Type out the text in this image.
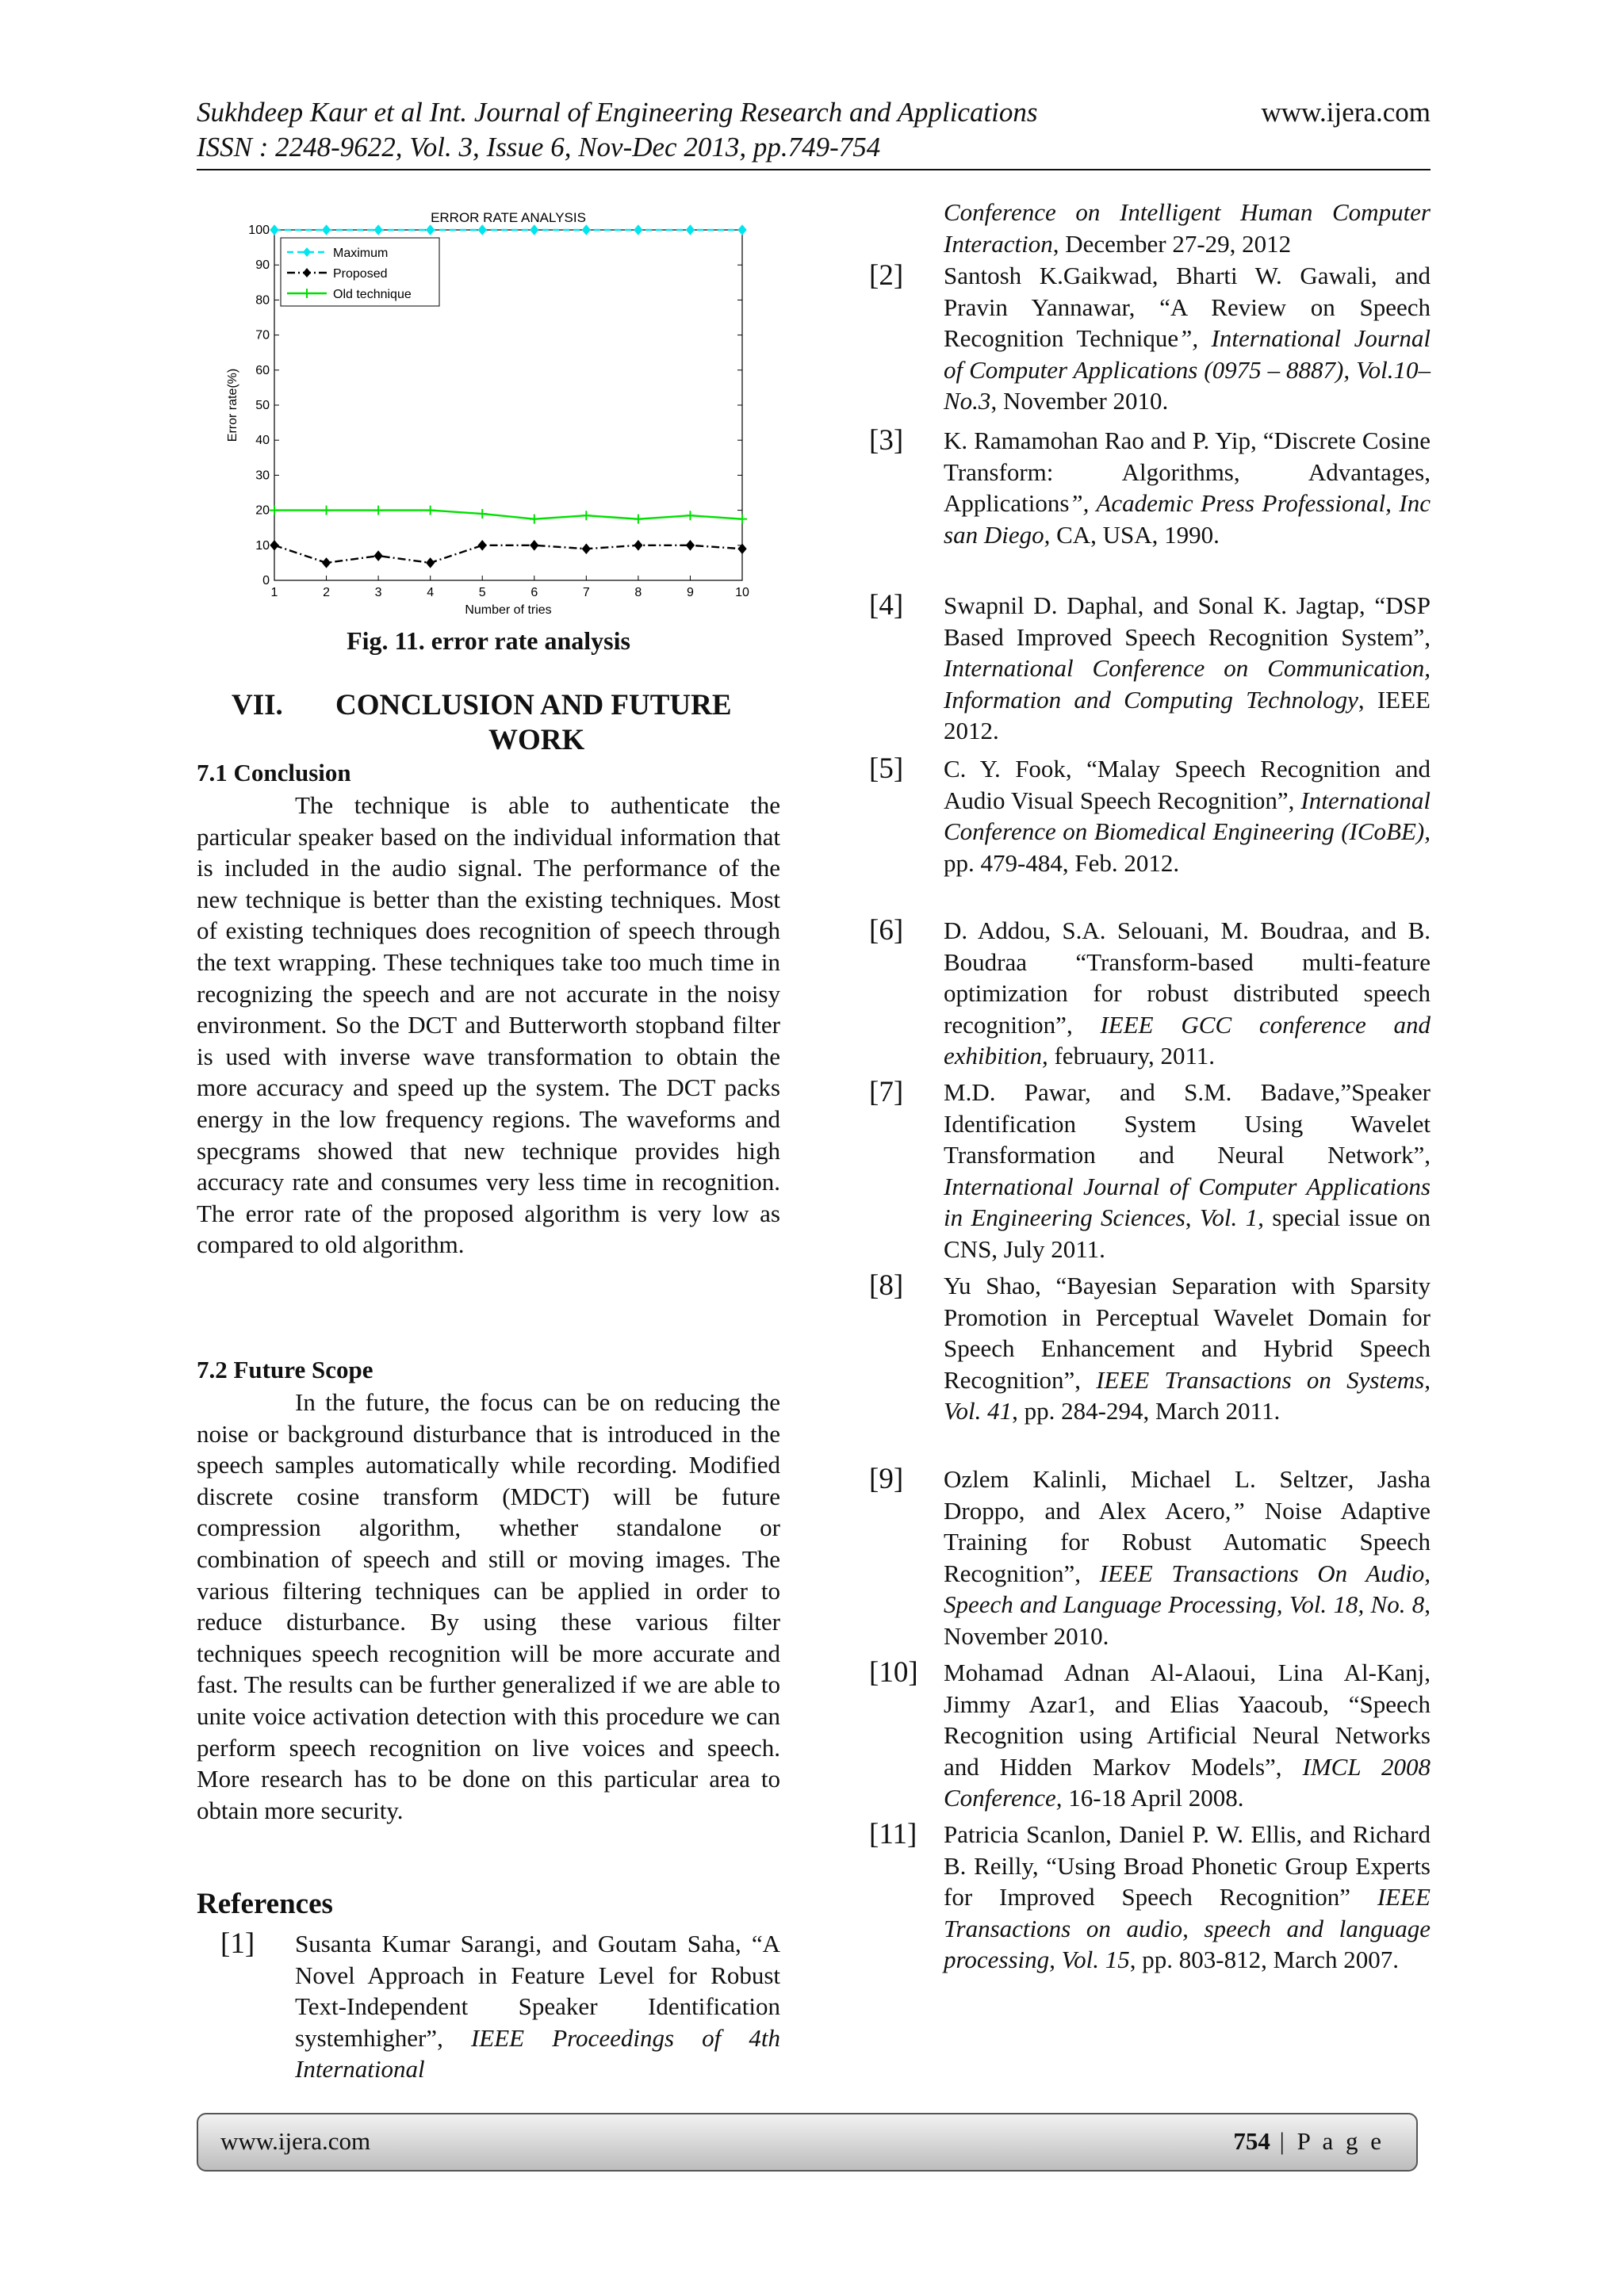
Sukhdeep Kaur et al Int. Journal of Engineering Research and Applications
ISSN : 2248-9622, Vol. 3, Issue 6, Nov-Dec 2013, pp.749-754
www.ijera.com
ERROR RATE ANALYSIS
0
10
20
30
40
50
60
70
80
90
100
1	2	3	4	5	6	7	8	9	10
Number of tries
Error rate(%)
Maximum
Proposed
Old technique
Fig. 11. error rate analysis
VII. CONCLUSION AND FUTURE
WORK
7.1 Conclusion
The technique is able to authenticate the particular speaker based on the individual information that is included in the audio signal. The performance of the new technique is better than the existing techniques. Most of existing techniques does recognition of speech through the text wrapping. These techniques take too much time in recognizing the speech and are not accurate in the noisy environment. So the DCT and Butterworth stopband filter is used with inverse wave transformation to obtain the more accuracy and speed up the system. The DCT packs energy in the low frequency regions. The waveforms and specgrams showed that new technique provides high accuracy rate and consumes very less time in recognition. The error rate of the proposed algorithm is very low as compared to old algorithm.
7.2 Future Scope
In the future, the focus can be on reducing the noise or background disturbance that is introduced in the speech samples automatically while recording. Modified discrete cosine transform (MDCT) will be future compression algorithm, whether standalone or combination of speech and still or moving images. The various filtering techniques can be applied in order to reduce disturbance. By using these various filter techniques speech recognition will be more accurate and fast. The results can be further generalized if we are able to unite voice activation detection with this procedure we can perform speech recognition on live voices and speech. More research has to be done on this particular area to obtain more security.
References
[1] Susanta Kumar Sarangi, and Goutam Saha, “A Novel Approach in Feature Level for Robust Text-Independent Speaker Identification systemhigher”, IEEE Proceedings of 4th International
Conference on Intelligent Human Computer Interaction, December 27-29, 2012
[2] Santosh K.Gaikwad, Bharti W. Gawali, and Pravin Yannawar, “A Review on Speech Recognition Technique”, International Journal of Computer Applications (0975 – 8887), Vol.10– No.3, November 2010.
[3] K. Ramamohan Rao and P. Yip, “Discrete Cosine Transform: Algorithms, Advantages, Applications”, Academic Press Professional, Inc san Diego, CA, USA, 1990.
[4] Swapnil D. Daphal, and Sonal K. Jagtap, “DSP Based Improved Speech Recognition System”, International Conference on Communication, Information and Computing Technology, IEEE 2012.
[5] C. Y. Fook, “Malay Speech Recognition and Audio Visual Speech Recognition”, International Conference on Biomedical Engineering (ICoBE), pp. 479-484, Feb. 2012.
[6] D. Addou, S.A. Selouani, M. Boudraa, and B. Boudraa “Transform-based multi-feature optimization for robust distributed speech recognition”, IEEE GCC conference and exhibition, februaury, 2011.
[7] M.D. Pawar, and S.M. Badave,”Speaker Identification System Using Wavelet Transformation and Neural Network”, International Journal of Computer Applications in Engineering Sciences, Vol. 1, special issue on CNS, July 2011.
[8] Yu Shao, “Bayesian Separation with Sparsity Promotion in Perceptual Wavelet Domain for Speech Enhancement and Hybrid Speech Recognition”, IEEE Transactions on Systems, Vol. 41, pp. 284-294, March 2011.
[9] Ozlem Kalinli, Michael L. Seltzer, Jasha Droppo, and Alex Acero,” Noise Adaptive Training for Robust Automatic Speech Recognition”, IEEE Transactions On Audio, Speech and Language Processing, Vol. 18, No. 8, November 2010.
[10] Mohamad Adnan Al-Alaoui, Lina Al-Kanj, Jimmy Azar1, and Elias Yaacoub, “Speech Recognition using Artificial Neural Networks and Hidden Markov Models”, IMCL 2008 Conference, 16-18 April 2008.
[11] Patricia Scanlon, Daniel P. W. Ellis, and Richard B. Reilly, “Using Broad Phonetic Group Experts for Improved Speech Recognition” IEEE Transactions on audio, speech and language processing, Vol. 15, pp. 803-812, March 2007.
www.ijera.com	754 | P a g e
